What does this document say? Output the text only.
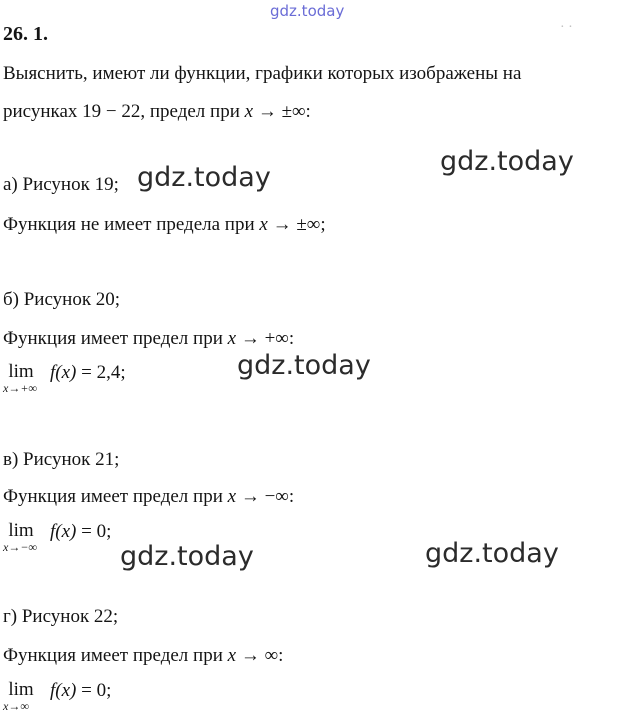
gdz.today
26. 1.	· ·
Выяснить, имеют ли функции, графики которых изображены на
рисунках 19 − 22, предел при x → ±∞:
а) Рисунок 19;
Функция не имеет предела при x → ±∞;
б) Рисунок 20;
Функция имеет предел при x → +∞:
lim
x→+∞
f(x) = 2,4;
в) Рисунок 21;
Функция имеет предел при x → −∞:
lim
x→−∞
f(x) = 0;
г) Рисунок 22;
Функция имеет предел при x → ∞:
lim
x→∞
f(x) = 0;
gdz.today
gdz.today
gdz.today
gdz.today	gdz.today
